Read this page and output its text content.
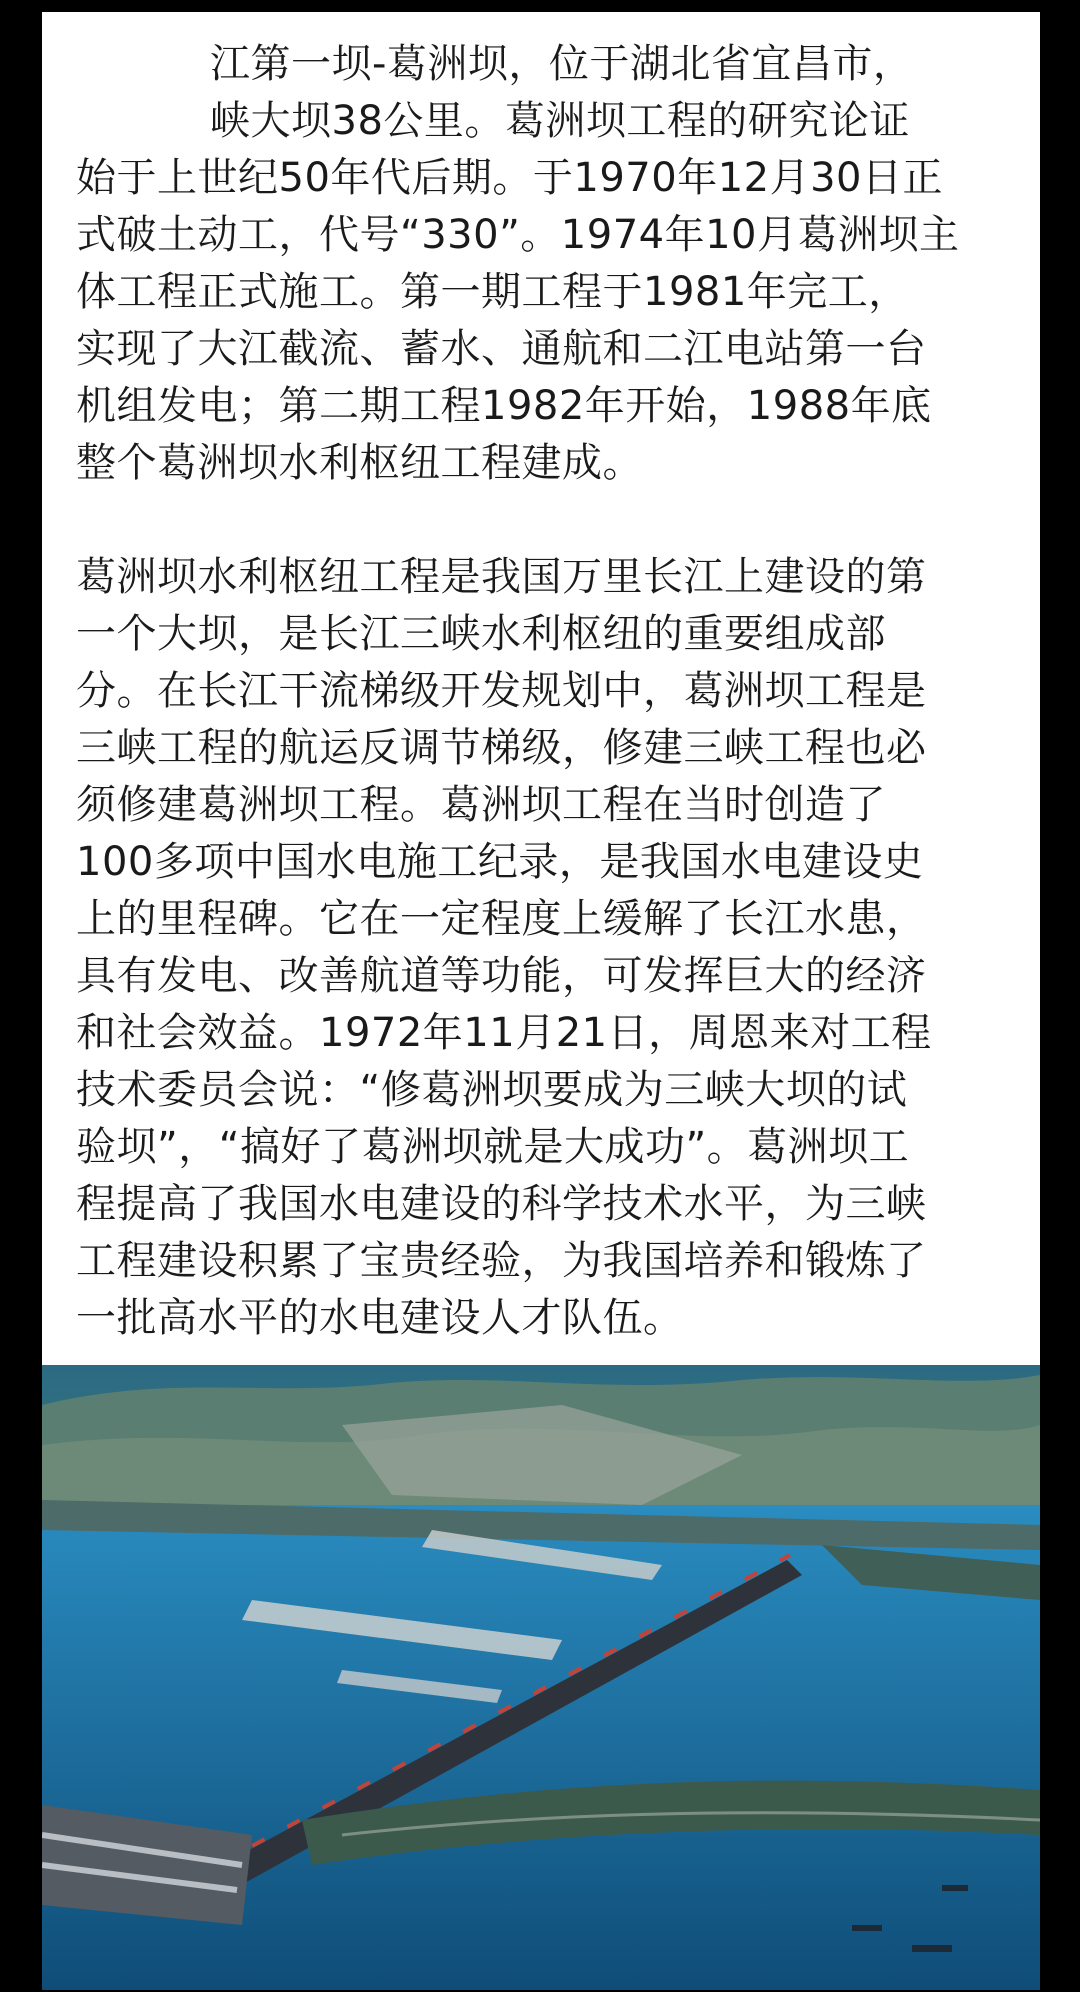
江第一坝-葛洲坝，位于湖北省宜昌市，
峡大坝38公里。葛洲坝工程的研究论证
始于上世纪50年代后期。于1970年12月30日正
式破土动工，代号“330”。1974年10月葛洲坝主
体工程正式施工。第一期工程于1981年完工，
实现了大江截流、蓄水、通航和二江电站第一台
机组发电；第二期工程1982年开始，1988年底
整个葛洲坝水利枢纽工程建成。
葛洲坝水利枢纽工程是我国万里长江上建设的第
一个大坝，是长江三峡水利枢纽的重要组成部
分。在长江干流梯级开发规划中，葛洲坝工程是
三峡工程的航运反调节梯级，修建三峡工程也必
须修建葛洲坝工程。葛洲坝工程在当时创造了
100多项中国水电施工纪录，是我国水电建设史
上的里程碑。它在一定程度上缓解了长江水患，
具有发电、改善航道等功能，可发挥巨大的经济
和社会效益。1972年11月21日，周恩来对工程
技术委员会说：“修葛洲坝要成为三峡大坝的试
验坝”，“搞好了葛洲坝就是大成功”。葛洲坝工
程提高了我国水电建设的科学技术水平，为三峡
工程建设积累了宝贵经验，为我国培养和锻炼了
一批高水平的水电建设人才队伍。
